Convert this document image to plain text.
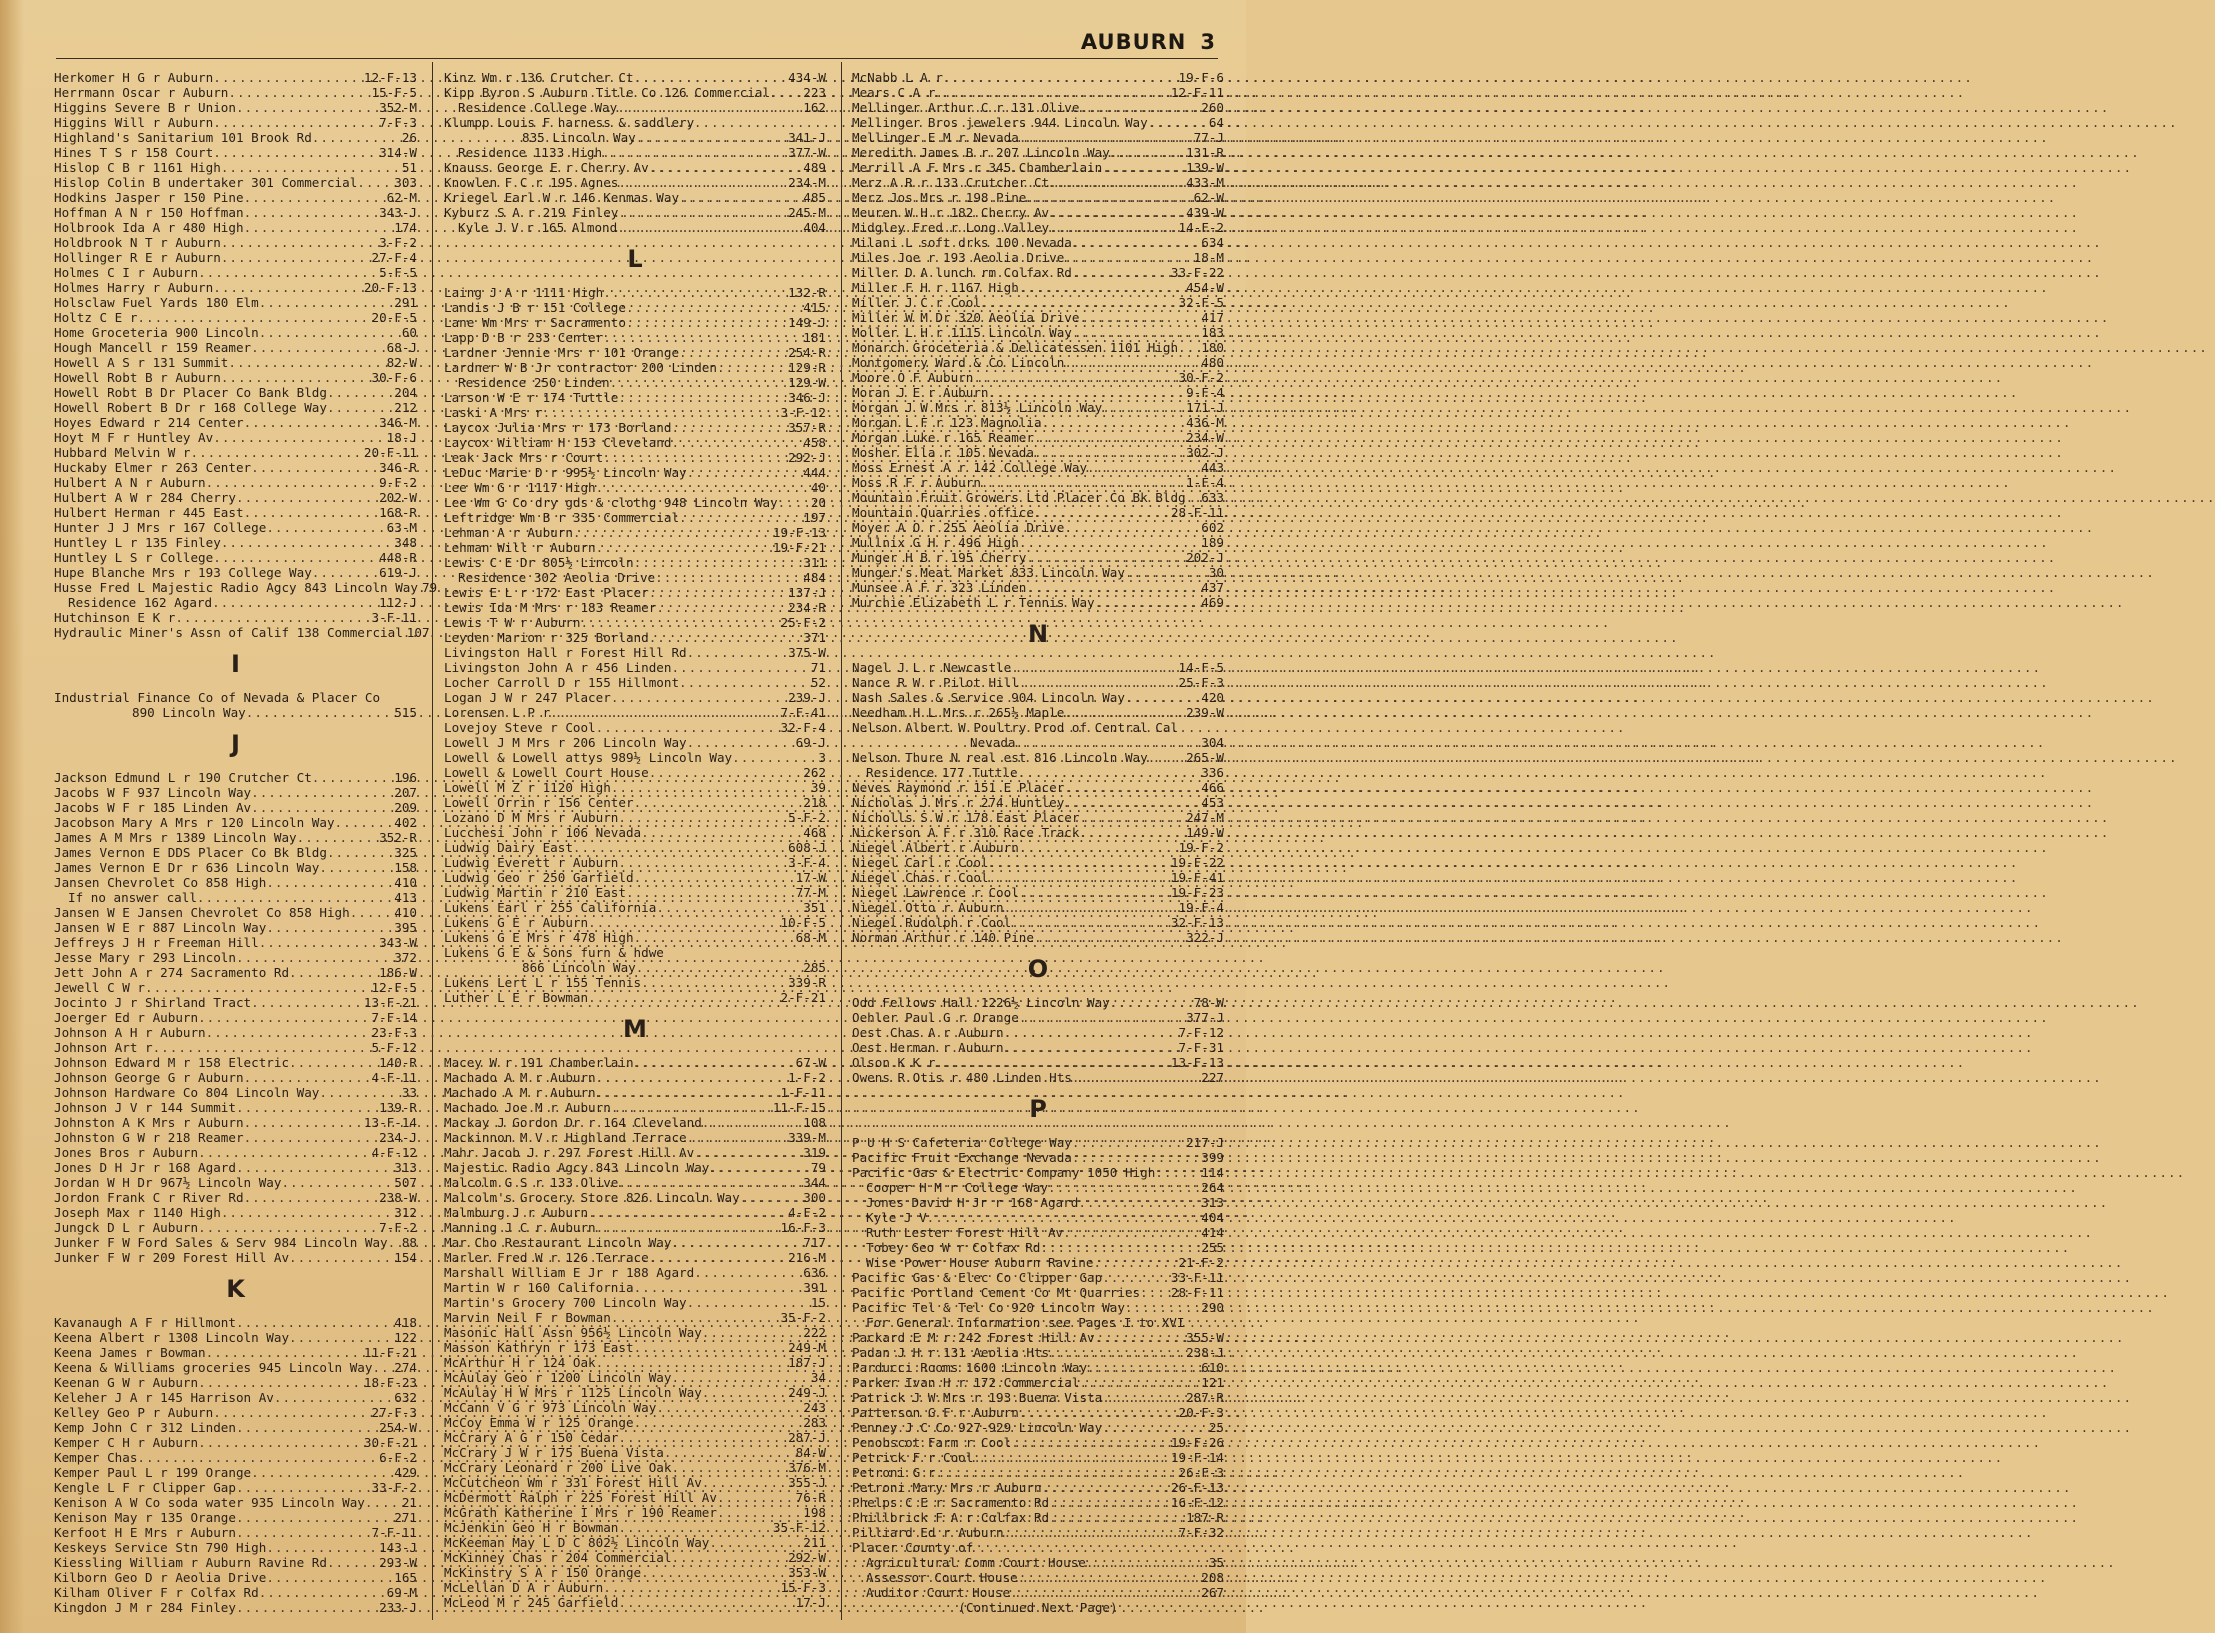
AUBURN 3
Herkomer H G r Auburn .....	12-F-13
Herrmann Oscar r Auburn .....	15-F-5
Higgins Severe B r Union .....	352-M
Higgins Will r Auburn .....	7-F-3
Highland's Sanitarium 101 Brook Rd .....	26
Hines T S r 158 Court .....	314-W
Hislop C B r 1161 High .....	51
Hislop Colin B undertaker 301 Commercial .....	303
Hodkins Jasper r 150 Pine .....	62-M
Hoffman A N r 150 Hoffman .....	343-J
Holbrook Ida A r 480 High .....	174
Holdbrook N T r Auburn .....	3-F-2
Hollinger R E r Auburn .....	27-F-4
Holmes C I r Auburn .....	5-F-5
Holmes Harry r Auburn .....	20-F-13
Holsclaw Fuel Yards 180 Elm .....	291
Holtz C E r .....	20-F-5
Home Groceteria 900 Lincoln .....	60
Hough Mancell r 159 Reamer .....	68-J
Howell A S r 131 Summit .....	82-W
Howell Robt B r Auburn .....	30-F-6
Howell Robt B Dr Placer Co Bank Bldg .....	204
Howell Robert B Dr r 168 College Way .....	212
Hoyes Edward r 214 Center .....	346-M
Hoyt M F r Huntley Av .....	18-J
Hubbard Melvin W r .....	20-F-11
Huckaby Elmer r 263 Center .....	346-R
Hulbert A N r Auburn .....	9-F-2
Hulbert A W r 284 Cherry .....	202-W
Hulbert Herman r 445 East .....	168-R
Hunter J J Mrs r 167 College .....	63-M
Huntley L r 135 Finley .....	348
Huntley L S r College .....	448-R
Hupe Blanche Mrs r 193 College Way .....	619-J
Husse Fred L Majestic Radio Agcy 843 Lincoln Way ..... 79
Residence 162 Agard .....	112-J
Hutchinson E K r .....	3-F-11
Hydraulic Miner's Assn of Calif 138 Commercial ..... 107
I
Industrial Finance Co of Nevada & Placer Co
890 Lincoln Way .....	515
J
Jackson Edmund L r 190 Crutcher Ct .....	196
Jacobs W F 937 Lincoln Way .....	207
Jacobs W F r 185 Linden Av .....	209
Jacobson Mary A Mrs r 120 Lincoln Way .....	402
James A M Mrs r 1389 Lincoln Way .....	352-R
James Vernon E DDS Placer Co Bk Bldg .....	325
James Vernon E Dr r 636 Lincoln Way .....	158
Jansen Chevrolet Co 858 High .....	410
If no answer call .....	413
Jansen W E Jansen Chevrolet Co 858 High .....	410
Jansen W E r 887 Lincoln Way .....	395
Jeffreys J H r Freeman Hill .....	343-W
Jesse Mary r 293 Lincoln .....	372
Jett John A r 274 Sacramento Rd .....	186-W
Jewell C W r .....	12-F-5
Jocinto J r Shirland Tract .....	13-F-21
Joerger Ed r Auburn .....	7-F-14
Johnson A H r Auburn .....	23-F-3
Johnson Art r .....	5-F-12
Johnson Edward M r 158 Electric .....	140-R
Johnson George G r Auburn .....	4-F-11
Johnson Hardware Co 804 Lincoln Way .....	33
Johnson J V r 144 Summit .....	139-R
Johnston A K Mrs r Auburn .....	13-F-14
Johnston G W r 218 Reamer .....	234-J
Jones Bros r Auburn .....	4-F-12
Jones D H Jr r 168 Agard .....	313
Jordan W H Dr 967½ Lincoln Way .....	507
Jordon Frank C r River Rd .....	238-W
Joseph Max r 1140 High .....	312
Jungck D L r Auburn .....	7-F-2
Junker F W Ford Sales & Serv 984 Lincoln Way ..... 88
Junker F W r 209 Forest Hill Av .....	154
K
Kavanaugh A F r Hillmont .....	418
Keena Albert r 1308 Lincoln Way .....	122
Keena James r Bowman .....	11-F-21
Keena & Williams groceries 945 Lincoln Way ..... 274
Keenan G W r Auburn .....	18-F-23
Keleher J A r 145 Harrison Av .....	632
Kelley Geo P r Auburn .....	27-F-3
Kemp John C r 312 Linden .....	254-W
Kemper C H r Auburn .....	30-F-21
Kemper Chas .....	6-F-2
Kemper Paul L r 199 Orange .....	429
Kengle L F r Clipper Gap .....	33-F-2
Kenison A W Co soda water 935 Lincoln Way .....	21
Kenison May r 135 Orange .....	271
Kerfoot H E Mrs r Auburn .....	7-F-11
Keskeys Service Stn 790 High .....	143-J
Kiessling William r Auburn Ravine Rd .....	293-W
Kilborn Geo D r Aeolia Drive .....	165
Kilham Oliver F r Colfax Rd .....	69-M
Kingdon J M r 284 Finley .....	233-J
Kinz Wm r 136 Crutcher Ct .....	434-W
Kipp Byron S Auburn Title Co 126 Commercial .....	223
Residence College Way .....	162
Klumpp Louis F harness & saddlery
835 Lincoln Way .....	341-J
Residence 1133 High .....	377-W
Knauss George E r Cherry Av .....	489
Knowlen F C r 195 Agnes .....	234-M
Kriegel Earl W r 146 Kenmas Way .....	485
Kyburz S A r 219 Finley .....	245-M
Kyle J V r 165 Almond .....	404
L
Laing J A r 1111 High .....	132-R
Landis J B r 151 College .....	415
Lane Wm Mrs r Sacramento .....	149-J
Lapp D B r 233 Center .....	181
Lardner Jennie Mrs r 101 Orange .....	254-R
Lardner W B Jr contractor 200 Linden .....	129-R
Residence 250 Linden .....	129-W
Larson W E r 174 Tuttle .....	346-J
Laski A Mrs r .....	3-F-12
Laycox Julia Mrs r 173 Borland .....	357-R
Laycox William H 153 Cleveland .....	458
Leak Jack Mrs r Court .....	292-J
LeDuc Marie D r 995½ Lincoln Way .....	444
Lee Wm G r 1117 High .....	40
Lee Wm G Co dry gds & clothg 948 Lincoln Way .....	20
Leftridge Wm B r 335 Commercial .....	197
Lehman A r Auburn .....	19-F-13
Lehman Will r Auburn .....	19-F-21
Lewis C E Dr 805½ Lincoln .....	311
Residence 302 Aeolia Drive .....	484
Lewis E L r 172 East Placer .....	137-J
Lewis Ida M Mrs r 183 Reamer .....	234-R
Lewis T W r Auburn .....	25-F-2
Leyden Marion r 325 Borland .....	371
Livingston Hall r Forest Hill Rd .....	375-W
Livingston John A r 456 Linden .....	71
Locher Carroll D r 155 Hillmont .....	52
Logan J W r 247 Placer .....	239-J
Lorensen L P r .....	7-F-41
Lovejoy Steve r Cool .....	32-F-4
Lowell J M Mrs r 206 Lincoln Way .....	69-J
Lowell & Lowell attys 989½ Lincoln Way .....	3
Lowell & Lowell Court House .....	262
Lowell M Z r 1120 High .....	39
Lowell Orrin r 156 Center .....	218
Lozano D M Mrs r Auburn .....	5-F-2
Lucchesi John r 106 Nevada .....	468
Ludwig Dairy East .....	608-J
Ludwig Everett r Auburn .....	3-F-4
Ludwig Geo r 250 Garfield .....	17-W
Ludwig Martin r 210 East .....	77-M
Lukens Earl r 255 California .....	351
Lukens G E r Auburn .....	10-F-5
Lukens G E Mrs r 478 High .....	68-M
Lukens G E & Sons furn & hdwe
866 Lincoln Way .....	285
Lukens Lert L r 155 Tennis .....	339-R
Luther L E r Bowman .....	2-F-21
M
Macey W r 191 Chamberlain .....	67-W
Machado A M r Auburn .....	1-F-2
Machado A M r Auburn .....	1-F-11
Machado Joe M r Auburn .....	11-F-15
Mackay J Gordon Dr r 164 Cleveland .....	108
Mackinnon M V r Highland Terrace .....	339-M
Mahr Jacob J r 297 Forest Hill Av .....	319
Majestic Radio Agcy 843 Lincoln Way .....	79
Malcolm G S r 133 Olive .....	344
Malcolm's Grocery Store 826 Lincoln Way .....	300
Malmburg J r Auburn .....	4-F-2
Manning J C r Auburn .....	16-F-3
Mar Cho Restaurant Lincoln Way .....	717
Marler Fred W r 126 Terrace .....	216-M
Marshall William E Jr r 188 Agard .....	636
Martin W r 160 California .....	391
Martin's Grocery 700 Lincoln Way .....	15
Marvin Neil F r Bowman .....	35-F-2
Masonic Hall Assn 956½ Lincoln Way .....	222
Masson Kathryn r 173 East .....	249-M
McArthur H r 124 Oak .....	187-J
McAulay Geo r 1200 Lincoln Way .....	34
McAulay H W Mrs r 1125 Lincoln Way .....	249-J
McCann V G r 973 Lincoln Way .....	243
McCoy Emma W r 125 Orange .....	283
McCrary A G r 150 Cedar .....	287-J
McCrary J W r 175 Buena Vista .....	84-W
McCrary Leonard r 200 Live Oak .....	376-M
McCutcheon Wm r 331 Forest Hill Av .....	355-J
McDermott Ralph r 225 Forest Hill Av .....	76-R
McGrath Katherine I Mrs r 190 Reamer .....	198
McJenkin Geo H r Bowman .....	35-F-12
McKeeman May L D C 802½ Lincoln Way .....	211
McKinney Chas r 204 Commercial .....	292-W
McKinstry S A r 150 Orange .....	353-W
McLellan D A r Auburn .....	15-F-3
McLeod M r 245 Garfield .....	17-J
McNabb L A r .....	19-F-6
Mears C A r .....	12-F-11
Mellinger Arthur C r 131 Olive .....	260
Mellinger Bros jewelers 944 Lincoln Way .....	64
Mellinger E M r Nevada .....	77-J
Meredith James B r 207 Lincoln Way .....	131-R
Merrill A F Mrs r 345 Chamberlain .....	139-W
Merz A R r 133 Crutcher Ct .....	433-M
Merz Jos Mrs r 198 Pine .....	62-W
Meuren W H r 182 Cherry Av .....	439-W
Midgley Fred r Long Valley .....	14-F-2
Milani L soft drks 100 Nevada .....	634
Miles Joe r 193 Aeolia Drive .....	18-M
Miller D A lunch rm Colfax Rd .....	33-F-22
Miller F H r 1167 High .....	454-W
Miller J C r Cool .....	32-F-5
Miller W M Dr 320 Aeolia Drive .....	417
Moller L H r 1115 Lincoln Way .....	183
Monarch Groceteria & Delicatessen 1101 High ..... 180
Montgomery Ward & Co Lincoln .....	480
Moore O F Auburn .....	30-F-2
Moran J E r Auburn .....	9-F-4
Morgan J W Mrs r 813½ Lincoln Way .....	171-J
Morgan L F r 123 Magnolia .....	436-M
Morgan Luke r 165 Reamer .....	234-W
Mosher Ella r 105 Nevada .....	302-J
Moss Ernest A r 142 College Way .....	443
Moss R F r Auburn .....	1-F-4
Mountain Fruit Growers Ltd Placer Co Bk Bldg ..... 633
Mountain Quarries office .....	28-F-11
Moyer A O r 255 Aeolia Drive .....	602
Mullnix G H r 496 High .....	189
Munger H B r 195 Cherry .....	202-J
Munger's Meat Market 833 Lincoln Way .....	30
Munsee A F r 323 Linden .....	437
Murchie Elizabeth L r Tennis Way .....	469
N
Nagel J L r Newcastle .....	14-F-5
Nance R W r Pilot Hill .....	25-F-3
Nash Sales & Service 904 Lincoln Way .....	420
Needham H L Mrs r 265½ Maple .....	239-W
Nelson Albert W Poultry Prod of Central Cal
Nevada .....	304
Nelson Thure N real est 816 Lincoln Way .....	265-W
Residence 177 Tuttle .....	336
Neves Raymond r 151 E Placer .....	466
Nicholas J Mrs r 274 Huntley .....	453
Nicholls S W r 178 East Placer .....	247-M
Nickerson A F r 310 Race Track .....	149-W
Niegel Albert r Auburn .....	19-F-2
Niegel Carl r Cool .....	19-F-22
Niegel Chas r Cool .....	19-F-41
Niegel Lawrence r Cool .....	19-F-23
Niegel Otto r Auburn .....	19-F-4
Niegel Rudolph r Cool .....	32-F-13
Norman Arthur r 140 Pine .....	322-J
O
Odd Fellows Hall 1226½ Lincoln Way .....	78-W
Oehler Paul G r Orange .....	377-J
Oest Chas A r Auburn .....	7-F-12
Oest Herman r Auburn .....	7-F-31
Olson K K r .....	13-F-13
Owens R Otis r 480 Linden Hts .....	227
P
P U H S Cafeteria College Way .....	217-J
Pacific Fruit Exchange Nevada .....	399
Pacific Gas & Electric Company 1050 High .....	114
Cooper H M r College Way .....	264
Jones David H Jr r 168 Agard .....	313
Kyle J V .....	404
Ruth Lester Forest Hill Av .....	414
Tobey Geo W r Colfax Rd .....	255
Wise Power House Auburn Ravine .....	21-F-2
Pacific Gas & Elec Co Clipper Gap .....	33-F-11
Pacific Portland Cement Co Mt Quarries ..... 28-F-11
Pacific Tel & Tel Co 920 Lincoln Way .....	290
For General Information see Pages I to XVI
Packard E M r 242 Forest Hill Av .....	355-W
Padan J H r 131 Aeolia Hts .....	238-J
Parducci Rooms 1600 Lincoln Way .....	610
Parker Ivan H r 172 Commercial .....	121
Patrick J W Mrs r 193 Buena Vista .....	287-R
Patterson G F r Auburn .....	20-F-3
Penney J C Co 927-929 Lincoln Way .....	25
Penobscot Farm r Cool .....	19-F-26
Petrick F r Cool .....	19-F-14
Petroni G r .....	26-F-3
Petroni Mary Mrs r Auburn .....	26-F-13
Phelps C E r Sacramento Rd .....	16-F-12
Phillbrick F A r Colfax Rd .....	187-R
Pilliard Ed r Auburn .....	7-F-32
Placer County of
Agricultural Comm Court House .....	35
Assessor Court House .....	208
Auditor Court House .....	267
(Continued Next Page)
